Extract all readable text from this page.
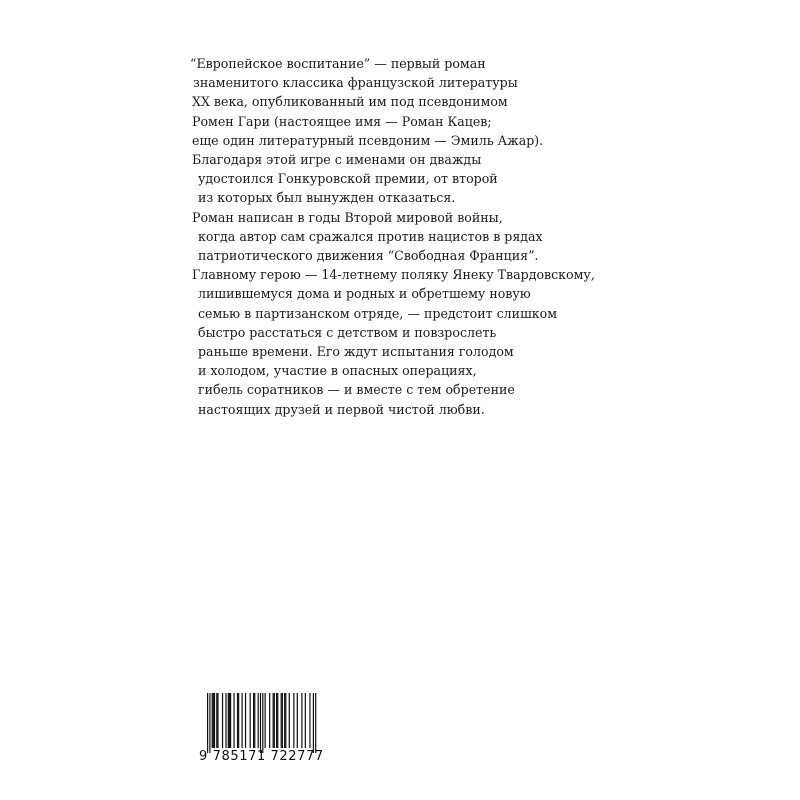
“Европейское воспитание” — первый роман
знаменитого классика французской литературы
XX века, опубликованный им под псевдонимом
Ромен Гари (настоящее имя — Роман Кацев;
еще один литературный псевдоним — Эмиль Ажар).
Благодаря этой игре с именами он дважды
удостоился Гонкуровской премии, от второй
из которых был вынужден отказаться.
Роман написан в годы Второй мировой войны,
когда автор сам сражался против нацистов в рядах
патриотического движения “Свободная Франция”.
Главному герою — 14-летнему поляку Янеку Твардовскому,
лишившемуся дома и родных и обретшему новую
семью в партизанском отряде, — предстоит слишком
быстро расстаться с детством и повзрослеть
раньше времени. Его ждут испытания голодом
и холодом, участие в опасных операциях,
гибель соратников — и вместе с тем обретение
настоящих друзей и первой чистой любви.
9 785171 722777
